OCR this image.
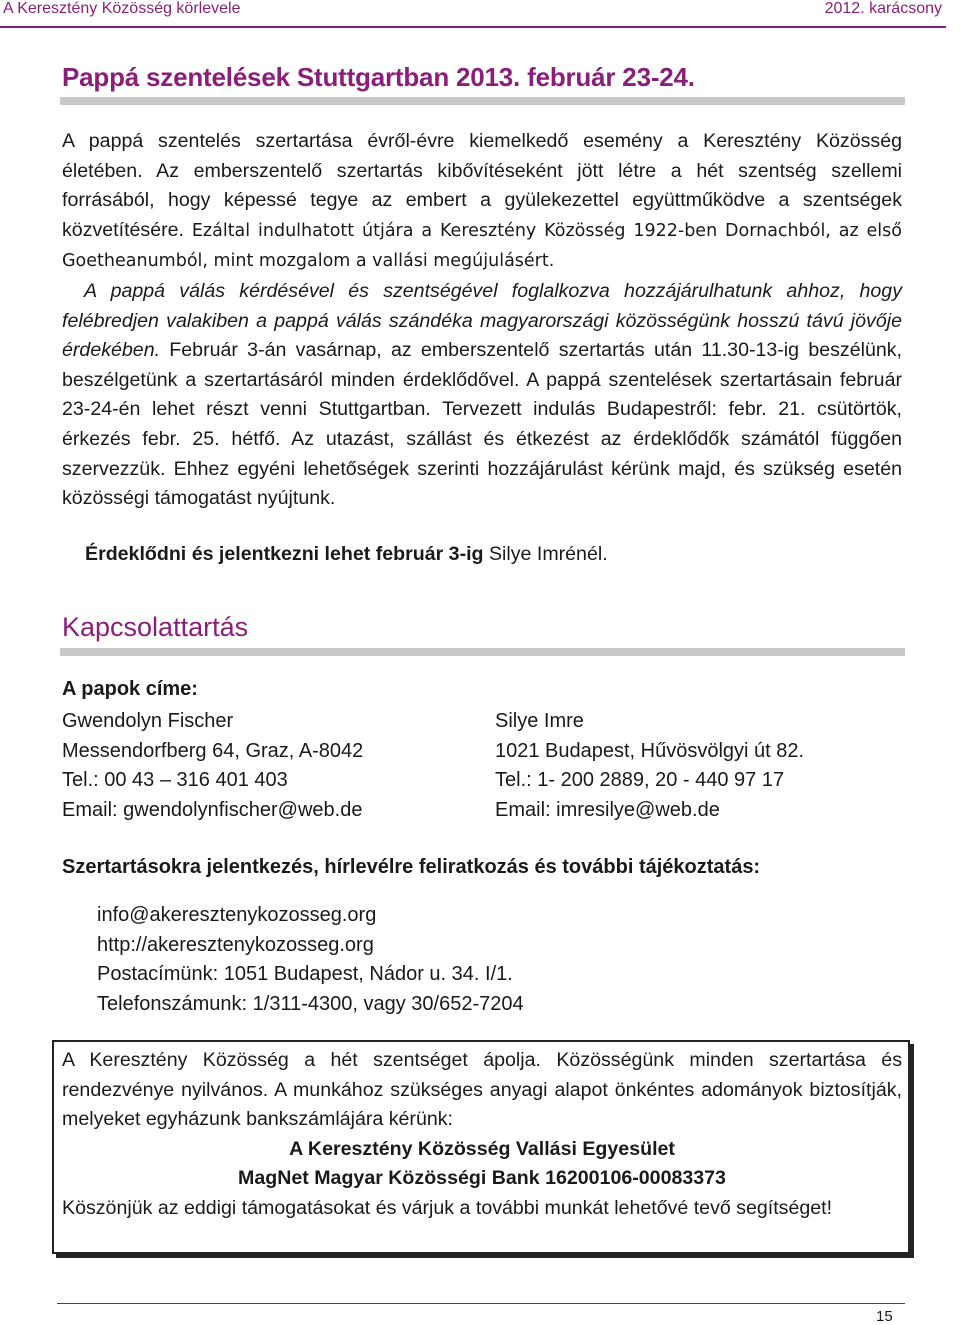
A Keresztény Közösség körlevele	2012. karácsony
Pappá szentelések Stuttgartban 2013. február 23-24.

A pappá szentelés szertartása évről-évre kiemelkedő esemény a Keresztény Közösség életében. Az emberszentelő szertartás kibővítéseként jött létre a hét szentség szellemi forrásából, hogy képessé tegye az embert a gyülekezettel együttműködve a szentségek közvetítésére. Ezáltal indulhatott útjára a Keresztény Közösség 1922-ben Dornachból, az első Goetheanumból, mint mozgalom a vallási megújulásért.

A pappá válás kérdésével és szentségével foglalkozva hozzájárulhatunk ahhoz, hogy felébredjen valakiben a pappá válás szándéka magyarországi közösségünk hosszú távú jövője érdekében. Február 3-án vasárnap, az emberszentelő szertartás után 11.30-13-ig beszélünk, beszélgetünk a szertartásáról minden érdeklődővel. A pappá szentelések szertartásain február 23-24-én lehet részt venni Stuttgartban. Tervezett indulás Budapestről: febr. 21. csütörtök, érkezés febr. 25. hétfő. Az utazást, szállást és étkezést az érdeklődők számától függően szervezzük. Ehhez egyéni lehetőségek szerinti hozzájárulást kérünk majd, és szükség esetén közösségi támogatást nyújtunk.

Érdeklődni és jelentkezni lehet február 3-ig Silye Imrénél.
Kapcsolattartás
A papok címe:
Gwendolyn Fischer
Messendorfberg 64, Graz, A-8042
Tel.: 00 43 – 316 401 403
Email: gwendolynfischer@web.de
Silye Imre
1021 Budapest, Hűvösvölgyi út 82.
Tel.: 1- 200 2889, 20 - 440 97 17
Email: imresilye@web.de
Szertartásokra jelentkezés, hírlevélre feliratkozás és további tájékoztatás:
info@akeresztenykozosseg.org
http://akeresztenykozosseg.org
Postacímünk: 1051 Budapest, Nádor u. 34. I/1.
Telefonszámunk: 1/311-4300, vagy 30/652-7204

A Keresztény Közösség a hét szentséget ápolja. Közösségünk minden szertartása és rendezvénye nyilvános. A munkához szükséges anyagi alapot önkéntes adományok biztosítják, melyeket egyházunk bankszámlájára kérünk:

A Keresztény Közösség Vallási Egyesület

MagNet Magyar Közösségi Bank 16200106-00083373

Köszönjük az eddigi támogatásokat és várjuk a további munkát lehetővé tevő segítséget!

15
